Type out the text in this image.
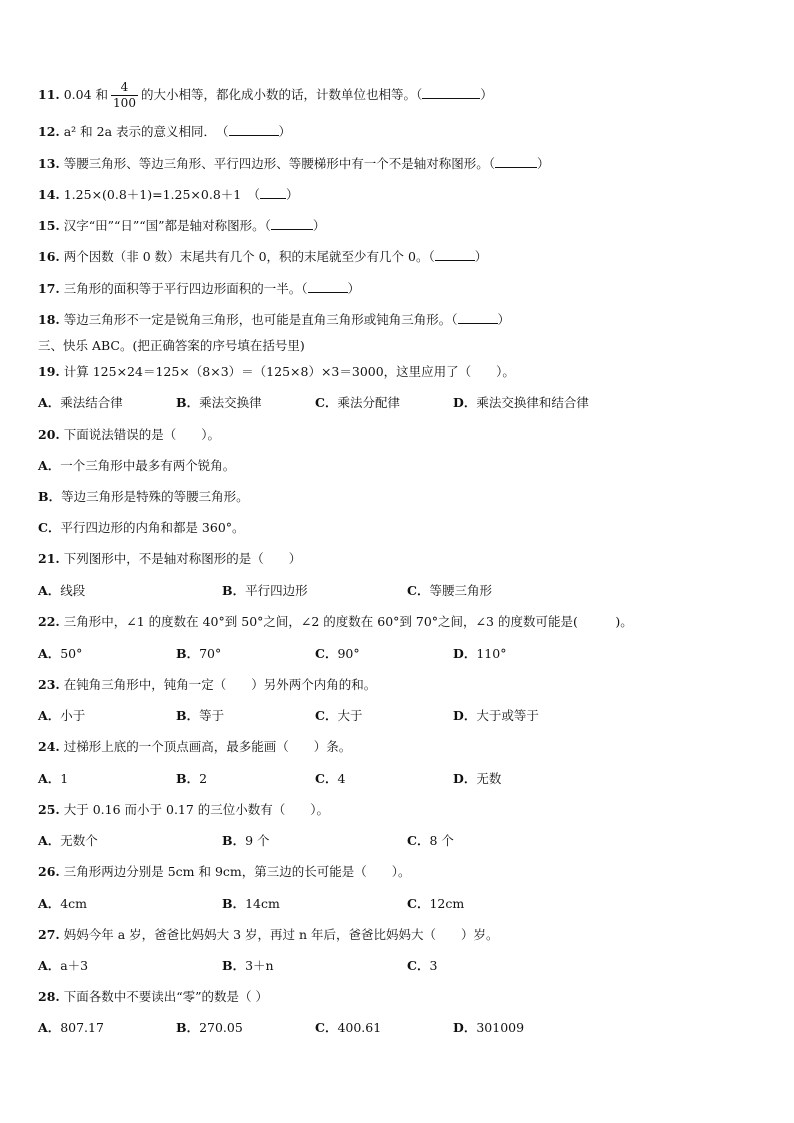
11. 0.04 和 $\frac{4}{100}$ 的大小相等，都化成小数的话，计数单位也相等。（	）
12. a² 和 2a 表示的意义相同．　（	）
13. 等腰三角形、等边三角形、平行四边形、等腰梯形中有一个不是轴对称图形。（	）
14. 1.25×(0.8＋1)=1.25×0.8＋1　（ ）
15. 汉字“田”“日”“国”都是轴对称图形。（	）
16. 两个因数（非 0 数）末尾共有几个 0，积的末尾就至少有几个 0。（	）
17. 三角形的面积等于平行四边形面积的一半。（	）
18. 等边三角形不一定是锐角三角形，也可能是直角三角形或钝角三角形。（	）
三、快乐 ABC。(把正确答案的序号填在括号里)
19. 计算 125×24＝125×（8×3）＝（125×8）×3＝3000，这里应用了（　　）。
A．乘法结合律	B．乘法交换律	C．乘法分配律	D．乘法交换律和结合律
20. 下面说法错误的是（　　）。
A．一个三角形中最多有两个锐角。
B．等边三角形是特殊的等腰三角形。
C．平行四边形的内角和都是 360°。
21. 下列图形中，不是轴对称图形的是（　　）
A．线段	B．平行四边形	C．等腰三角形
22. 三角形中，∠1 的度数在 40°到 50°之间，∠2 的度数在 60°到 70°之间，∠3 的度数可能是(　　　)。
A．50°	B．70°	C．90°	D．110°
23. 在钝角三角形中，钝角一定（　　）另外两个内角的和。
A．小于	B．等于	C．大于	D．大于或等于
24. 过梯形上底的一个顶点画高，最多能画（　　）条。
A．1	B．2	C．4	D．无数
25. 大于 0.16 而小于 0.17 的三位小数有（　　）。
A．无数个	B．9 个	C．8 个
26. 三角形两边分别是 5cm 和 9cm，第三边的长可能是（　　）。
A．4cm	B．14cm	C．12cm
27. 妈妈今年 a 岁，爸爸比妈妈大 3 岁，再过 n 年后，爸爸比妈妈大（　　）岁。
A．a＋3	B．3＋n	C．3
28. 下面各数中不要读出“零”的数是（ ）
A．807.17	B．270.05	C．400.61	D．301009
